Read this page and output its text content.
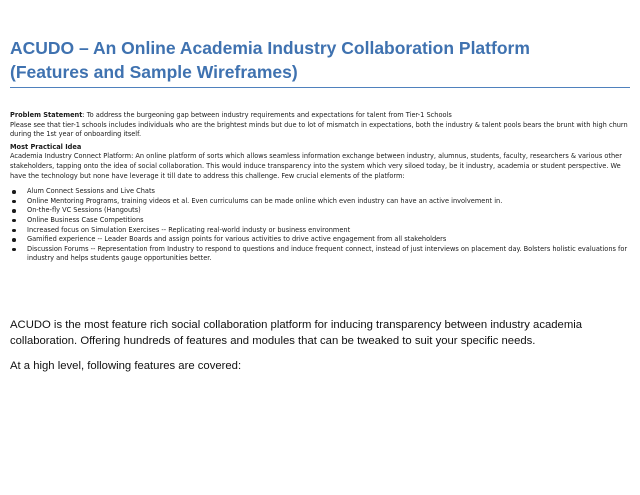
ACUDO – An Online Academia Industry Collaboration Platform
(Features and Sample Wireframes)

Problem Statement: To address the burgeoning gap between industry requirements and expectations for talent from Tier-1 Schools

Please see that tier-1 schools includes individuals who are the brightest minds but due to lot of mismatch in expectations, both the industry & talent pools bears the brunt with high churn during the 1st year of onboarding itself.

Most Practical Idea

Academia Industry Connect Platform: An online platform of sorts which allows seamless information exchange between industry, alumnus, students, faculty, researchers & various other stakeholders, tapping onto the idea of social collaboration. This would induce transparency into the system which very siloed today, be it industry, academia or student perspective. We have the technology but none have leverage it till date to address this challenge. Few crucial elements of the platform:

Alum Connect Sessions and Live Chats
Online Mentoring Programs, training videos et al. Even curriculums can be made online which even industry can have an active involvement in.
On-the-fly VC Sessions (Hangouts)
Online Business Case Competitions
Increased focus on Simulation Exercises -- Replicating real-world industy or business environment
Gamified experience -- Leader Boards and assign points for various activities to drive active engagement from all stakeholders
Discussion Forums -- Representation from Industry to respond to questions and induce frequent connect, instead of just interviews on placement day. Bolsters holistic evaluations for industry and helps students gauge opportunities better.

ACUDO is the most feature rich social collaboration platform for inducing transparency between industry academia collaboration. Offering hundreds of features and modules that can be tweaked to suit your specific needs.

At a high level, following features are covered:
